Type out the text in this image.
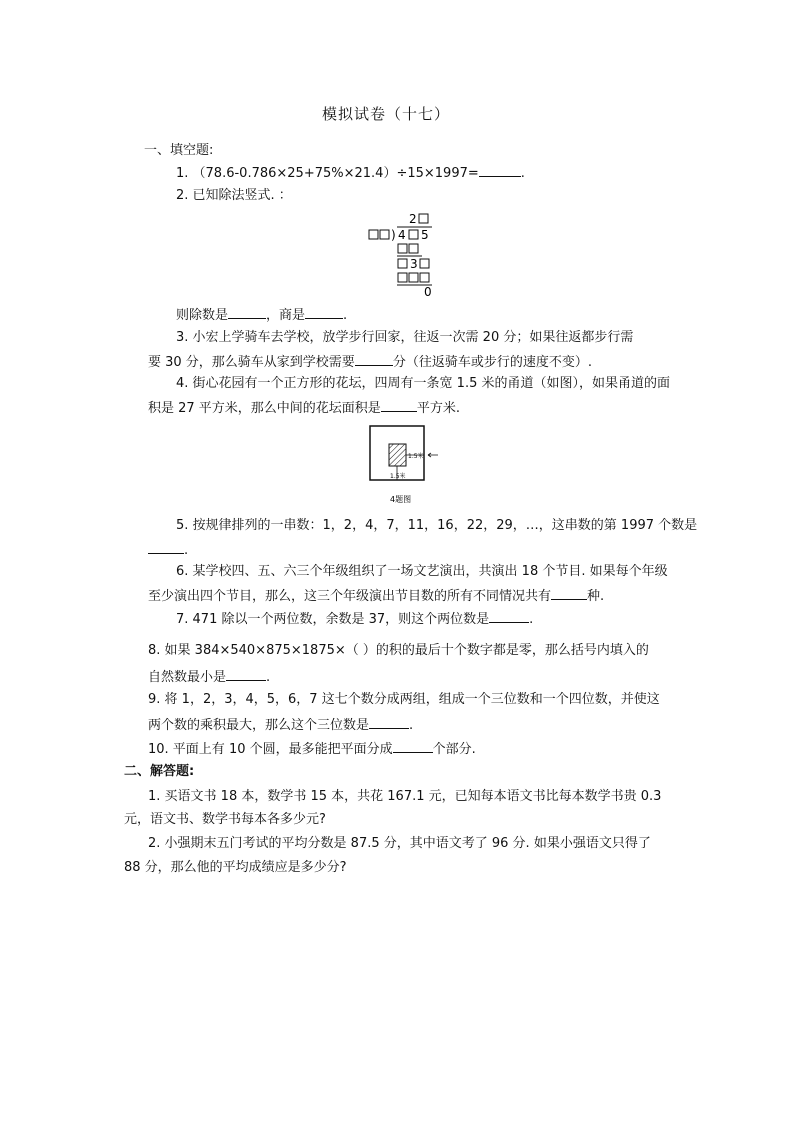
模拟试卷（十七）
一、填空题:
1. （78.6-0.786×25+75%×21.4）÷15×1997=	.
2. 已知除法竖式. ：
2
) 4 5
3
0
则除数是	，商是	.
3. 小宏上学骑车去学校，放学步行回家，往返一次需 20 分；如果往返都步行需
要 30 分，那么骑车从家到学校需要	分（往返骑车或步行的速度不变）.
4. 街心花园有一个正方形的花坛，四周有一条宽 1.5 米的甬道（如图），如果甬道的面
积是 27 平方米，那么中间的花坛面积是	平方米.
1.5米
1.5米
4题图
5. 按规律排列的一串数：1，2，4，7，11，16，22，29，…，这串数的第 1997 个数是
.
6. 某学校四、五、六三个年级组织了一场文艺演出，共演出 18 个节目. 如果每个年级
至少演出四个节目，那么，这三个年级演出节目数的所有不同情况共有	种.
7. 471 除以一个两位数，余数是 37，则这个两位数是	.
8. 如果 384×540×875×1875×（ ）的积的最后十个数字都是零，那么括号内填入的
自然数最小是	.
9. 将 1，2，3，4，5，6，7 这七个数分成两组，组成一个三位数和一个四位数，并使这
两个数的乘积最大，那么这个三位数是	.
10. 平面上有 10 个圆，最多能把平面分成	个部分.
二、解答题:
1. 买语文书 18 本，数学书 15 本，共花 167.1 元，已知每本语文书比每本数学书贵 0.3
元，语文书、数学书每本各多少元?
2. 小强期末五门考试的平均分数是 87.5 分，其中语文考了 96 分. 如果小强语文只得了
88 分，那么他的平均成绩应是多少分?
